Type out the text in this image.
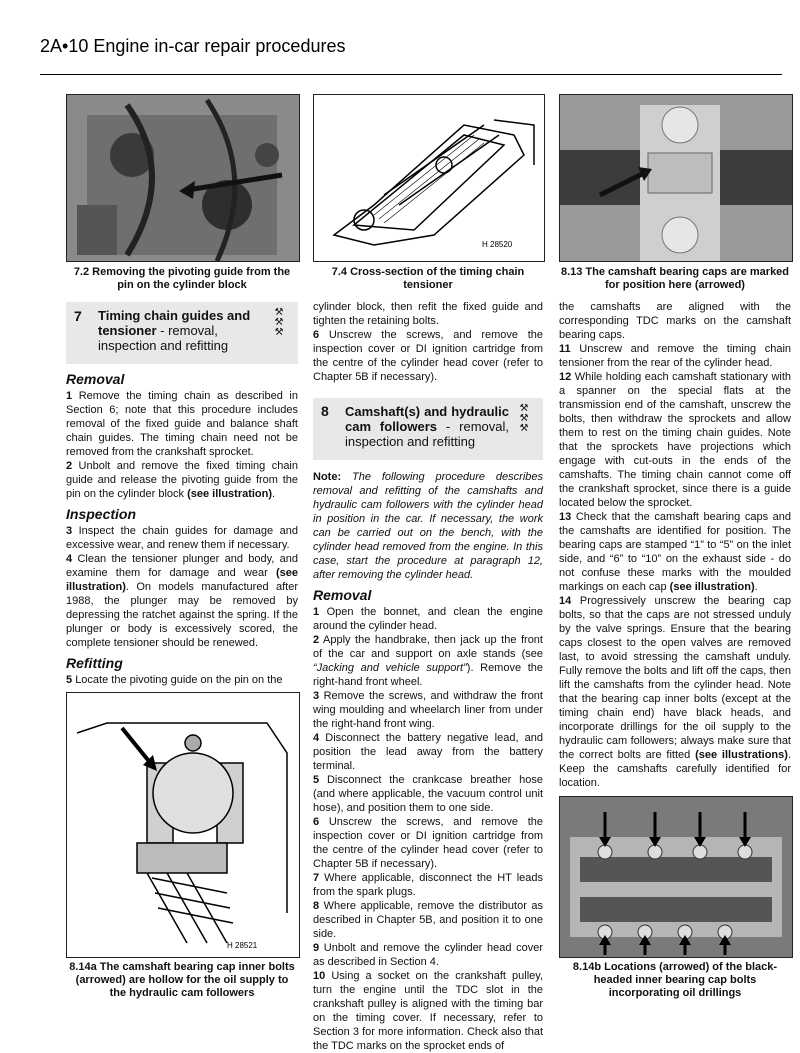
2A•10 Engine in-car repair procedures
7.2 Removing the pivoting guide from the pin on the cylinder block
H 28520
7.4 Cross-section of the timing chain tensioner
8.13 The camshaft bearing caps are marked for position here (arrowed)
7	Timing chain guides and tensioner - removal, inspection and refitting
⚒
⚒
⚒
Removal

1 Remove the timing chain as described in Section 6; note that this procedure includes removal of the fixed guide and balance shaft chain guides. The timing chain need not be removed from the crankshaft sprocket.

2 Unbolt and remove the fixed timing chain guide and release the pivoting guide from the pin on the cylinder block (see illustration).

Inspection

3 Inspect the chain guides for damage and excessive wear, and renew them if necessary.

4 Clean the tensioner plunger and body, and examine them for damage and wear (see illustration). On models manufactured after 1988, the plunger may be removed by depressing the ratchet against the spring. If the plunger or body is excessively scored, the complete tensioner should be renewed.

Refitting

5 Locate the pivoting guide on the pin on the

H 28521
8.14a The camshaft bearing cap inner bolts (arrowed) are hollow for the oil supply to the hydraulic cam followers

cylinder block, then refit the fixed guide and tighten the retaining bolts.

6 Unscrew the screws, and remove the inspection cover or DI ignition cartridge from the centre of the cylinder head cover (refer to Chapter 5B if necessary).

8	Camshaft(s) and hydraulic cam followers - removal, inspection and refitting
⚒
⚒
⚒

Note: The following procedure describes removal and refitting of the camshafts and hydraulic cam followers with the cylinder head in position in the car. If necessary, the work can be carried out on the bench, with the cylinder head removed from the engine. In this case, start the procedure at paragraph 12, after removing the cylinder head.

Removal

1 Open the bonnet, and clean the engine around the cylinder head.

2 Apply the handbrake, then jack up the front of the car and support on axle stands (see “Jacking and vehicle support”). Remove the right-hand front wheel.

3 Remove the screws, and withdraw the front wing moulding and wheelarch liner from under the right-hand front wing.

4 Disconnect the battery negative lead, and position the lead away from the battery terminal.

5 Disconnect the crankcase breather hose (and where applicable, the vacuum control unit hose), and position them to one side.

6 Unscrew the screws, and remove the inspection cover or DI ignition cartridge from the centre of the cylinder head cover (refer to Chapter 5B if necessary).

7 Where applicable, disconnect the HT leads from the spark plugs.

8 Where applicable, remove the distributor as described in Chapter 5B, and position it to one side.

9 Unbolt and remove the cylinder head cover as described in Section 4.

10 Using a socket on the crankshaft pulley, turn the engine until the TDC slot in the crankshaft pulley is aligned with the timing bar on the timing cover. If necessary, refer to Section 3 for more information. Check also that the TDC marks on the sprocket ends of

the camshafts are aligned with the corresponding TDC marks on the camshaft bearing caps.

11 Unscrew and remove the timing chain tensioner from the rear of the cylinder head.

12 While holding each camshaft stationary with a spanner on the special flats at the transmission end of the camshaft, unscrew the bolts, then withdraw the sprockets and allow them to rest on the timing chain guides. Note that the sprockets have projections which engage with cut-outs in the ends of the camshafts. The timing chain cannot come off the crankshaft sprocket, since there is a guide located below the sprocket.

13 Check that the camshaft bearing caps and the camshafts are identified for position. The bearing caps are stamped “1” to “5” on the inlet side, and “6” to “10” on the exhaust side - do not confuse these marks with the moulded markings on each cap (see illustration).

14 Progressively unscrew the bearing cap bolts, so that the caps are not stressed unduly by the valve springs. Ensure that the bearing caps closest to the open valves are removed last, to avoid stressing the camshaft unduly. Fully remove the bolts and lift off the caps, then lift the camshafts from the cylinder head. Note that the bearing cap inner bolts (except at the timing chain end) have black heads, and incorporate drillings for the oil supply to the hydraulic cam followers; always make sure that the correct bolts are fitted (see illustrations). Keep the camshafts carefully identified for location.

8.14b Locations (arrowed) of the black-headed inner bearing cap bolts incorporating oil drillings
